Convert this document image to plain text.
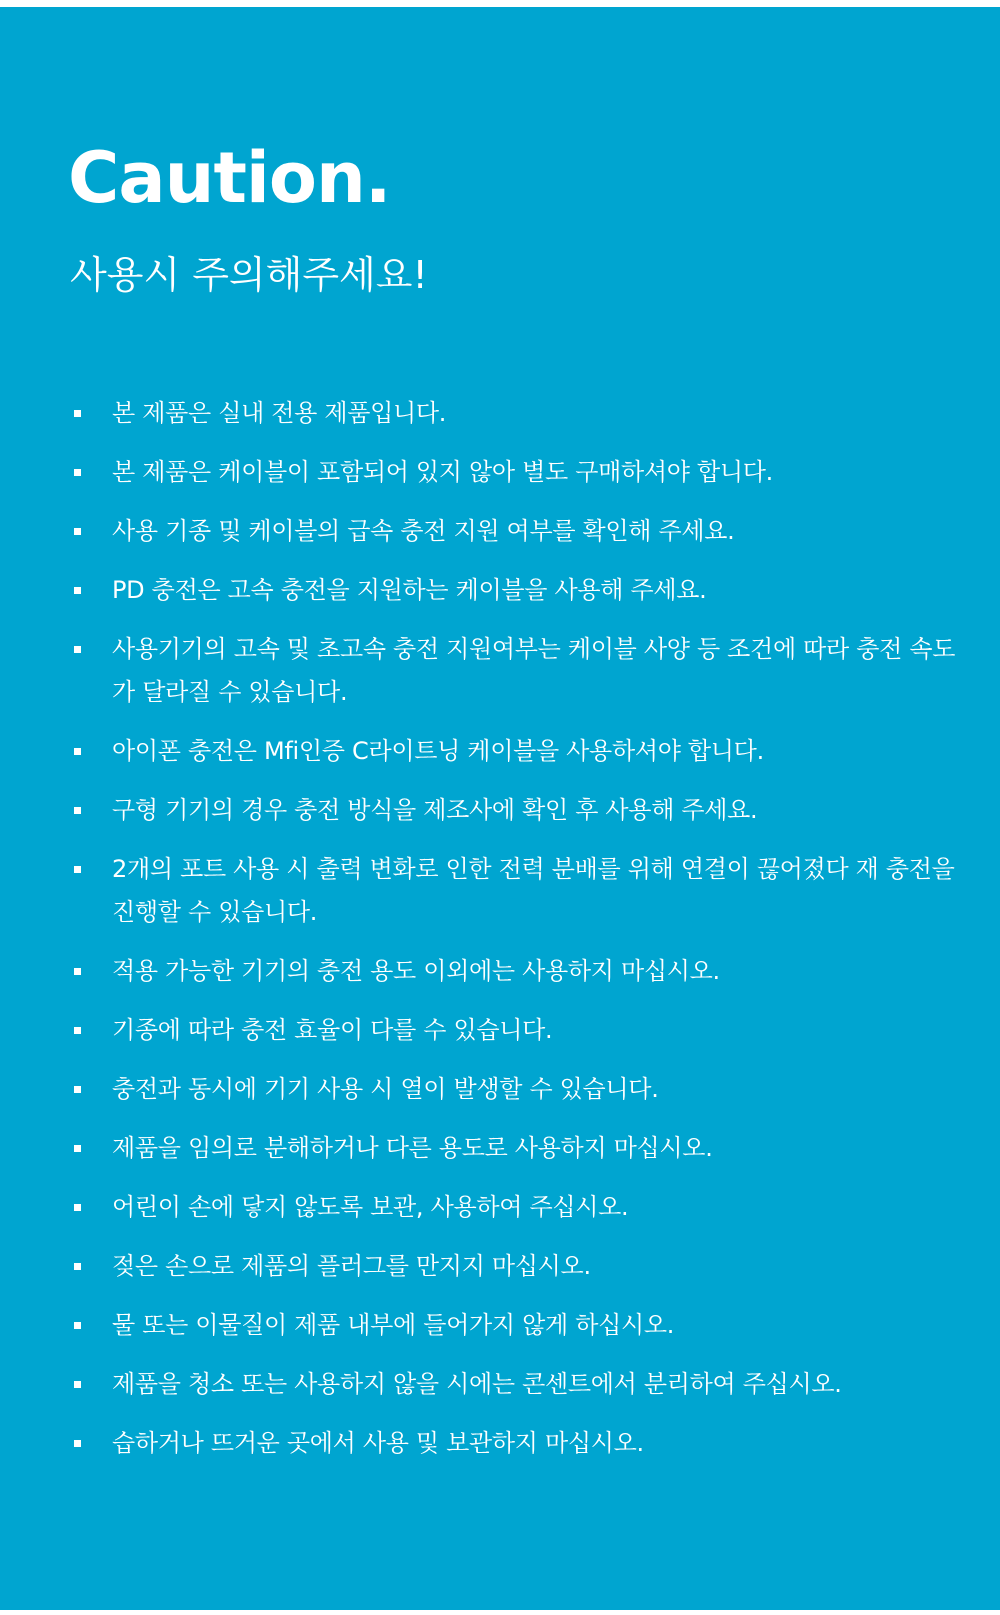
Caution.
사용시 주의해주세요!
본 제품은 실내 전용 제품입니다.
본 제품은 케이블이 포함되어 있지 않아 별도 구매하셔야 합니다.
사용 기종 및 케이블의 급속 충전 지원 여부를 확인해 주세요.
PD 충전은 고속 충전을 지원하는 케이블을 사용해 주세요.
사용기기의 고속 및 초고속 충전 지원여부는 케이블 사양 등 조건에 따라 충전 속도가 달라질 수 있습니다.
아이폰 충전은 Mfi인증 C라이트닝 케이블을 사용하셔야 합니다.
구형 기기의 경우 충전 방식을 제조사에 확인 후 사용해 주세요.
2개의 포트 사용 시 출력 변화로 인한 전력 분배를 위해 연결이 끊어졌다 재 충전을 진행할 수 있습니다.
적용 가능한 기기의 충전 용도 이외에는 사용하지 마십시오.
기종에 따라 충전 효율이 다를 수 있습니다.
충전과 동시에 기기 사용 시 열이 발생할 수 있습니다.
제품을 임의로 분해하거나 다른 용도로 사용하지 마십시오.
어린이 손에 닿지 않도록 보관, 사용하여 주십시오.
젖은 손으로 제품의 플러그를 만지지 마십시오.
물 또는 이물질이 제품 내부에 들어가지 않게 하십시오.
제품을 청소 또는 사용하지 않을 시에는 콘센트에서 분리하여 주십시오.
습하거나 뜨거운 곳에서 사용 및 보관하지 마십시오.
